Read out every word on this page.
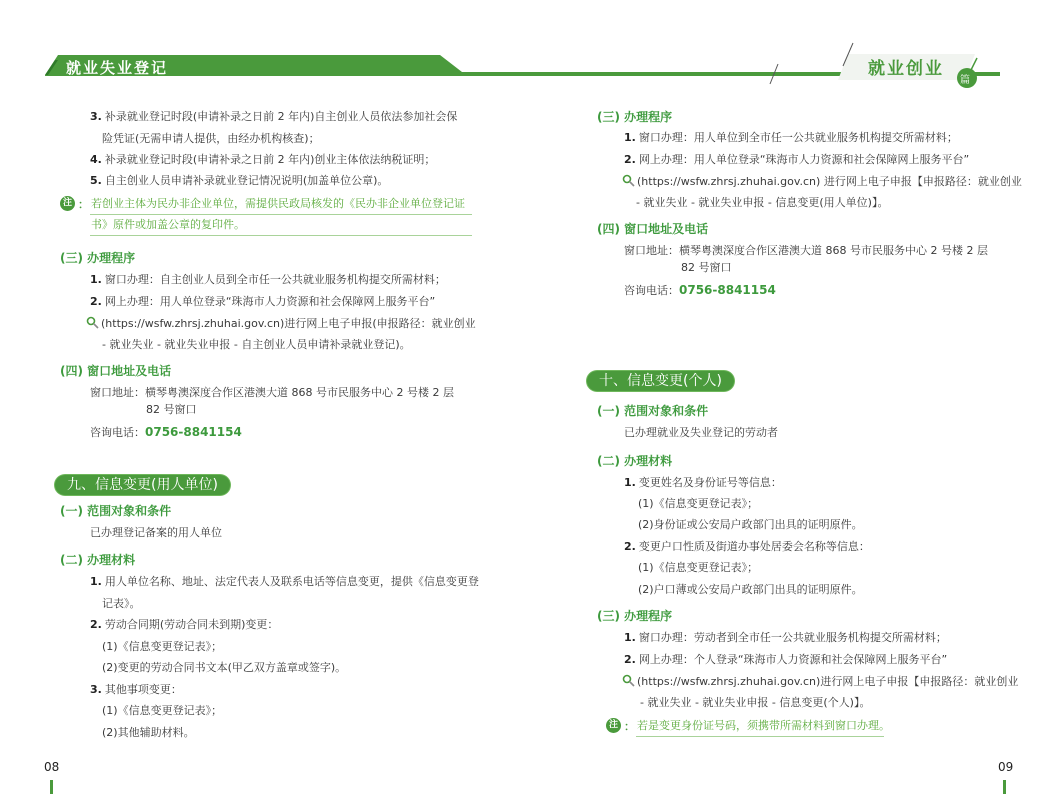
就业失业登记	就业创业
篇
3. 补录就业登记时段(申请补录之日前 2 年内)自主创业人员依法参加社会保
险凭证(无需申请人提供，由经办机构核查)；
4. 补录就业登记时段(申请补录之日前 2 年内)创业主体依法纳税证明；
5. 自主创业人员申请补录就业登记情况说明(加盖单位公章)。
注 ： 若创业主体为民办非企业单位，需提供民政局核发的《民办非企业单位登记证
书》原件或加盖公章的复印件。
(三) 办理程序
1. 窗口办理：自主创业人员到全市任一公共就业服务机构提交所需材料；
2. 网上办理：用人单位登录“珠海市人力资源和社会保障网上服务平台”
(https://wsfw.zhrsj.zhuhai.gov.cn)进行网上电子申报(申报路径：就业创业
- 就业失业 - 就业失业申报 - 自主创业人员申请补录就业登记)。
(四) 窗口地址及电话
窗口地址：横琴粤澳深度合作区港澳大道 868 号市民服务中心 2 号楼 2 层
82 号窗口
咨询电话：0756-8841154
九、信息变更(用人单位)
(一) 范围对象和条件
已办理登记备案的用人单位
(二) 办理材料
1. 用人单位名称、地址、法定代表人及联系电话等信息变更，提供《信息变更登
记表》。
2. 劳动合同期(劳动合同未到期)变更：
(1)《信息变更登记表》；
(2)变更的劳动合同书文本(甲乙双方盖章或签字)。
3. 其他事项变更：
(1)《信息变更登记表》；
(2)其他辅助材料。
08
(三) 办理程序
1. 窗口办理：用人单位到全市任一公共就业服务机构提交所需材料；
2. 网上办理：用人单位登录“珠海市人力资源和社会保障网上服务平台”
(https://wsfw.zhrsj.zhuhai.gov.cn) 进行网上电子申报【申报路径：就业创业
- 就业失业 - 就业失业申报 - 信息变更(用人单位)】。
(四) 窗口地址及电话
窗口地址：横琴粤澳深度合作区港澳大道 868 号市民服务中心 2 号楼 2 层
82 号窗口
咨询电话：0756-8841154
十、信息变更(个人)
(一) 范围对象和条件
已办理就业及失业登记的劳动者
(二) 办理材料
1. 变更姓名及身份证号等信息：
(1)《信息变更登记表》；
(2)身份证或公安局户政部门出具的证明原件。
2. 变更户口性质及街道办事处居委会名称等信息：
(1)《信息变更登记表》；
(2)户口薄或公安局户政部门出具的证明原件。
(三) 办理程序
1. 窗口办理：劳动者到全市任一公共就业服务机构提交所需材料；
2. 网上办理：个人登录“珠海市人力资源和社会保障网上服务平台”
(https://wsfw.zhrsj.zhuhai.gov.cn)进行网上电子申报【申报路径：就业创业
- 就业失业 - 就业失业申报 - 信息变更(个人)】。
注 ： 若是变更身份证号码，须携带所需材料到窗口办理。
09
